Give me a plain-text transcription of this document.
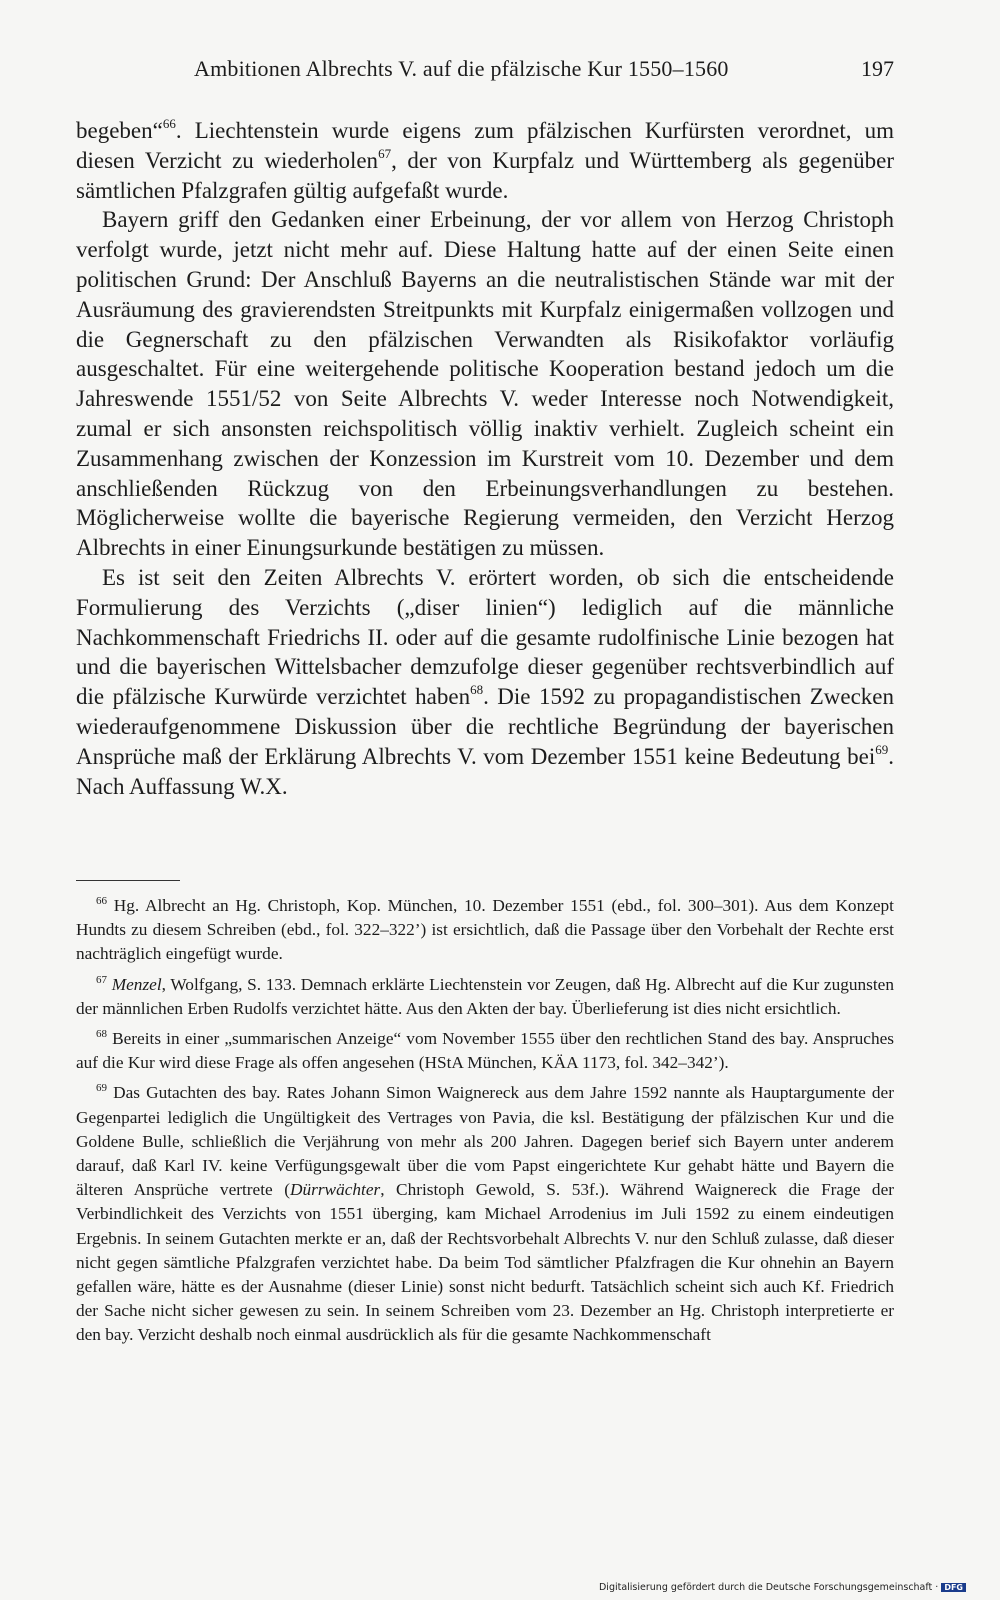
Ambitionen Albrechts V. auf die pfälzische Kur 1550–1560	197

begeben“$^{66}$. Liechtenstein wurde eigens zum pfälzischen Kurfürsten verordnet, um diesen Verzicht zu wiederholen$^{67}$, der von Kurpfalz und Württemberg als gegenüber sämtlichen Pfalzgrafen gültig aufgefaßt wurde.

Bayern griff den Gedanken einer Erbeinung, der vor allem von Herzog Christoph verfolgt wurde, jetzt nicht mehr auf. Diese Haltung hatte auf der einen Seite einen politischen Grund: Der Anschluß Bayerns an die neutralistischen Stände war mit der Ausräumung des gravierendsten Streitpunkts mit Kurpfalz einigermaßen vollzogen und die Gegnerschaft zu den pfälzischen Verwandten als Risikofaktor vorläufig ausgeschaltet. Für eine weitergehende politische Kooperation bestand jedoch um die Jahreswende 1551/52 von Seite Albrechts V. weder Interesse noch Notwendigkeit, zumal er sich ansonsten reichspolitisch völlig inaktiv verhielt. Zugleich scheint ein Zusammenhang zwischen der Konzession im Kurstreit vom 10. Dezember und dem anschließenden Rückzug von den Erbeinungsverhandlungen zu bestehen. Möglicherweise wollte die bayerische Regierung vermeiden, den Verzicht Herzog Albrechts in einer Einungsurkunde bestätigen zu müssen.

Es ist seit den Zeiten Albrechts V. erörtert worden, ob sich die entscheidende Formulierung des Verzichts („diser linien“) lediglich auf die männliche Nachkommenschaft Friedrichs II. oder auf die gesamte rudolfinische Linie bezogen hat und die bayerischen Wittelsbacher demzufolge dieser gegenüber rechtsverbindlich auf die pfälzische Kurwürde verzichtet haben$^{68}$. Die 1592 zu propagandistischen Zwecken wiederaufgenommene Diskussion über die rechtliche Begründung der bayerischen Ansprüche maß der Erklärung Albrechts V. vom Dezember 1551 keine Bedeutung bei$^{69}$. Nach Auffassung W.X.

$^{66}$ Hg. Albrecht an Hg. Christoph, Kop. München, 10. Dezember 1551 (ebd., fol. 300–301). Aus dem Konzept Hundts zu diesem Schreiben (ebd., fol. 322–322’) ist ersichtlich, daß die Passage über den Vorbehalt der Rechte erst nachträglich eingefügt wurde.

$^{67}$ Menzel, Wolfgang, S. 133. Demnach erklärte Liechtenstein vor Zeugen, daß Hg. Albrecht auf die Kur zugunsten der männlichen Erben Rudolfs verzichtet hätte. Aus den Akten der bay. Überlieferung ist dies nicht ersichtlich.

$^{68}$ Bereits in einer „summarischen Anzeige“ vom November 1555 über den rechtlichen Stand des bay. Anspruches auf die Kur wird diese Frage als offen angesehen (HStA München, KÄA 1173, fol. 342–342’).

$^{69}$ Das Gutachten des bay. Rates Johann Simon Waignereck aus dem Jahre 1592 nannte als Hauptargumente der Gegenpartei lediglich die Ungültigkeit des Vertrages von Pavia, die ksl. Bestätigung der pfälzischen Kur und die Goldene Bulle, schließlich die Verjährung von mehr als 200 Jahren. Dagegen berief sich Bayern unter anderem darauf, daß Karl IV. keine Verfügungsgewalt über die vom Papst eingerichtete Kur gehabt hätte und Bayern die älteren Ansprüche vertrete (Dürrwächter, Christoph Gewold, S. 53f.). Während Waignereck die Frage der Verbindlichkeit des Verzichts von 1551 überging, kam Michael Arrodenius im Juli 1592 zu einem eindeutigen Ergebnis. In seinem Gutachten merkte er an, daß der Rechtsvorbehalt Albrechts V. nur den Schluß zulasse, daß dieser nicht gegen sämtliche Pfalzgrafen verzichtet habe. Da beim Tod sämtlicher Pfalzfragen die Kur ohnehin an Bayern gefallen wäre, hätte es der Ausnahme (dieser Linie) sonst nicht bedurft. Tatsächlich scheint sich auch Kf. Friedrich der Sache nicht sicher gewesen zu sein. In seinem Schreiben vom 23. Dezember an Hg. Christoph interpretierte er den bay. Verzicht deshalb noch einmal ausdrücklich als für die gesamte Nachkommenschaft

Digitalisierung gefördert durch die Deutsche Forschungsgemeinschaft · DFG
